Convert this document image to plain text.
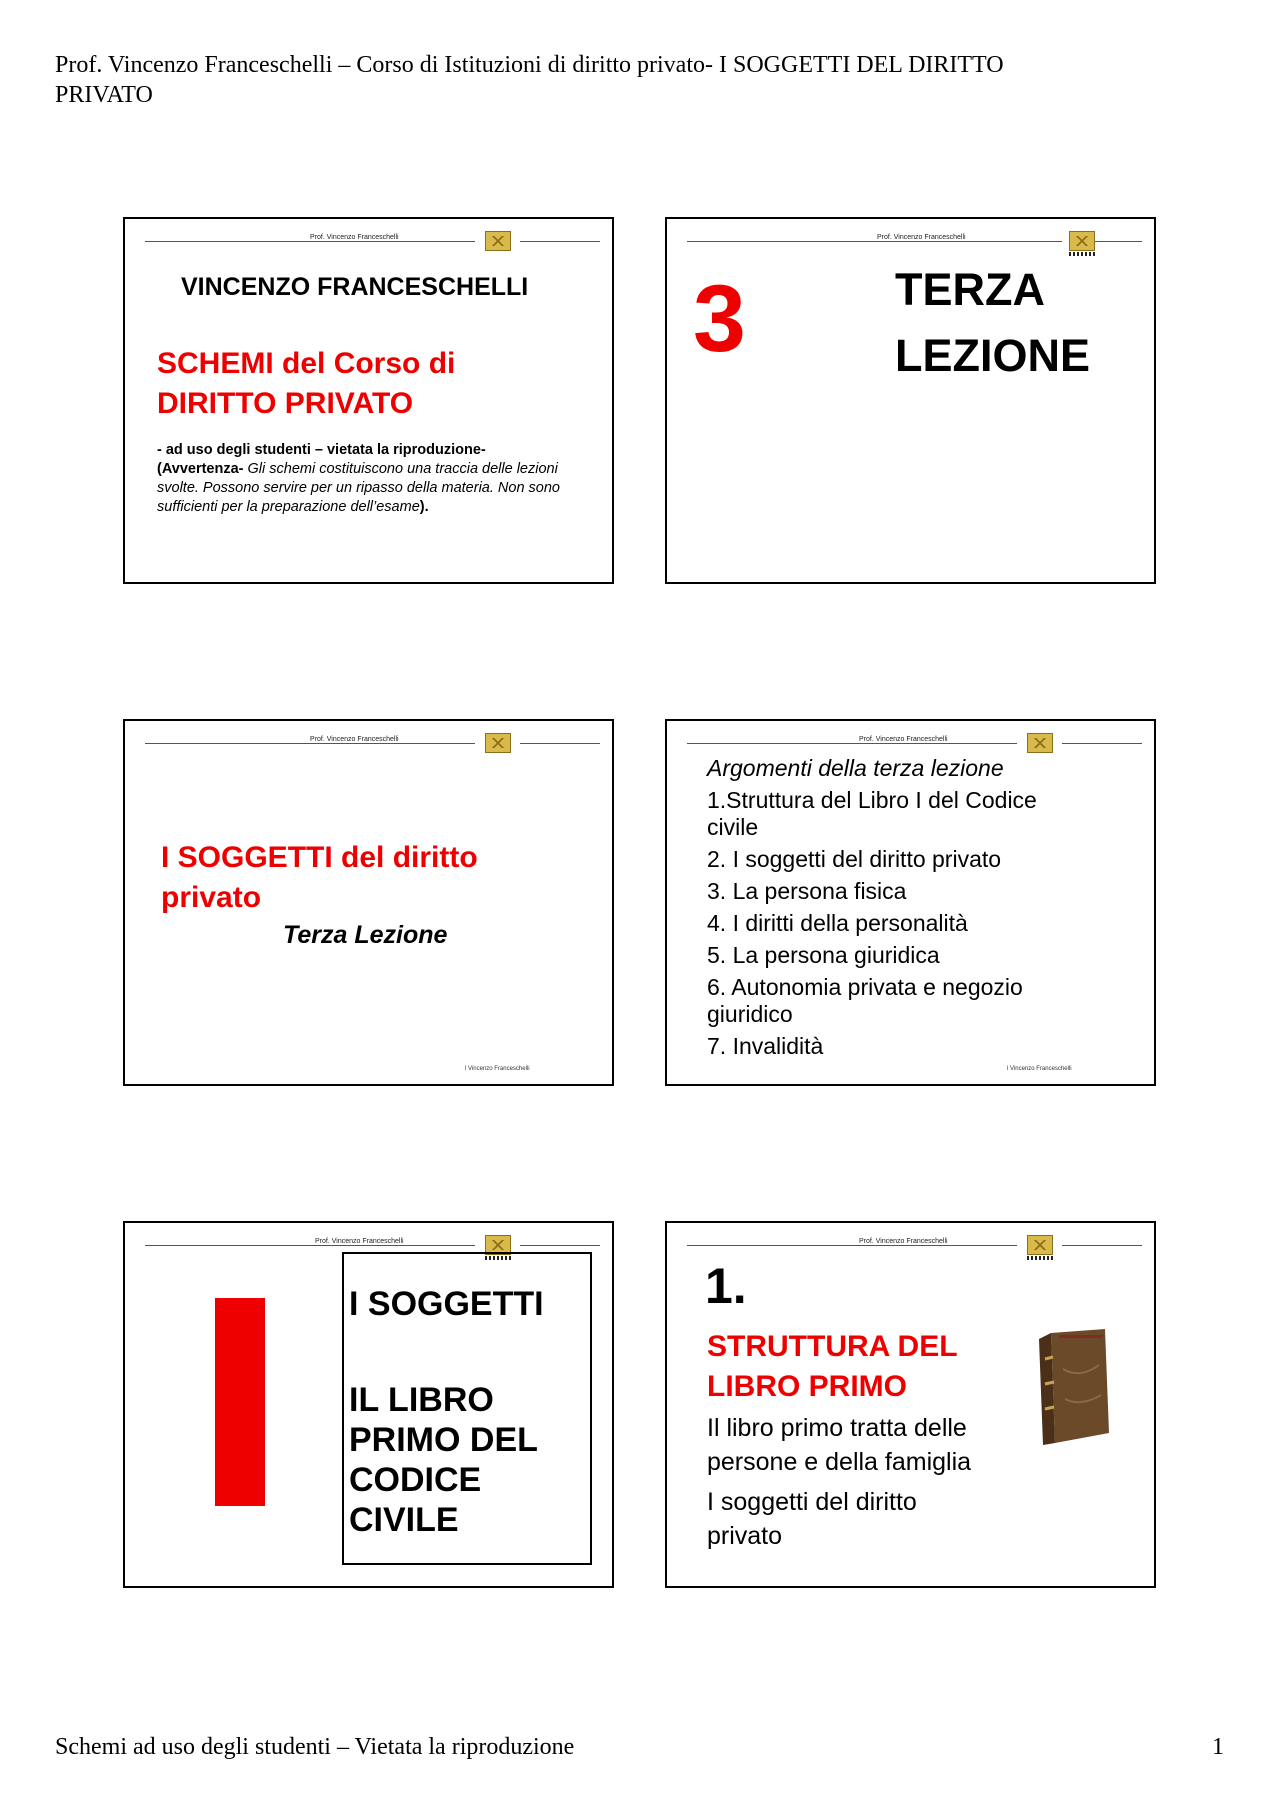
Prof. Vincenzo Franceschelli – Corso di Istituzioni di diritto privato- I SOGGETTI DEL DIRITTO PRIVATO
Prof. Vincenzo Franceschelli
VINCENZO FRANCESCHELLI
SCHEMI del Corso di
DIRITTO PRIVATO
- ad uso degli studenti – vietata la riproduzione-
(Avvertenza- Gli schemi costituiscono una traccia delle lezioni svolte. Possono servire per un ripasso della materia. Non sono sufficienti per la preparazione dell’esame).
Prof. Vincenzo Franceschelli
3	TERZA
LEZIONE
Prof. Vincenzo Franceschelli
I SOGGETTI del diritto
privato
Terza Lezione
l Vincenzo Franceschelli
Prof. Vincenzo Franceschelli
Argomenti della terza lezione
1.Struttura del Libro I del Codice civile
2. I soggetti del diritto privato
3. La persona fisica
4. I diritti della personalità
5. La persona giuridica
6. Autonomia privata e negozio giuridico
7. Invalidità
l Vincenzo Franceschelli
Prof. Vincenzo Franceschelli
I SOGGETTI
IL LIBRO
PRIMO DEL
CODICE
CIVILE
Prof. Vincenzo Franceschelli
1.
STRUTTURA DEL
LIBRO PRIMO
Il libro primo tratta delle persone e della famiglia
I soggetti del diritto privato
Schemi ad uso degli studenti – Vietata la riproduzione	1
